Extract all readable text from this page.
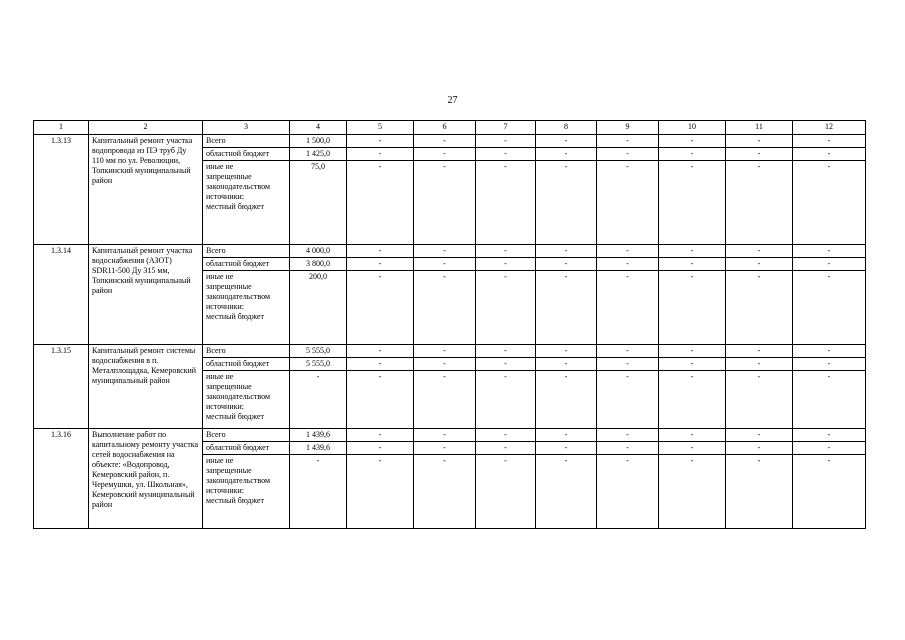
27
1	2	3	4	5	6	7	8	9	10	11	12
1.3.13	Капитальный ремонт участка водопровода из ПЭ труб Ду 110 мм по ул. Революции, Топкинский муниципальный район	Всего	1 500,0	-	-	-	-	-	-	-	-
		областной бюджет	1 425,0	-	-	-	-	-	-	-	-
		иные не
запрещенные
законодательством
источники:
местный бюджет	75,0	-	-	-	-	-	-	-	-
1.3.14	Капитальный ремонт участка водоснабжения (АЗОТ) SDR11-500 Ду 315 мм, Топкинский муниципальный район	Всего	4 000,0	-	-	-	-	-	-	-	-
		областной бюджет	3 800,0	-	-	-	-	-	-	-	-
		иные не
запрещенные
законодательством
источники:
местный бюджет	200,0	-	-	-	-	-	-	-	-
1.3.15	Капитальный ремонт системы водоснабжения в п. Металплощадка, Кемеровский муниципальный район	Всего	5 555,0	-	-	-	-	-	-	-	-
		областной бюджет	5 555,0	-	-	-	-	-	-	-	-
		иные не
запрещенные
законодательством
источники:
местный бюджет	-	-	-	-	-	-	-	-	-
1.3.16	Выполнение работ по капитальному ремонту участка сетей водоснабжения на объекте: «Водопровод, Кемеровский район, п. Черемушки, ул. Школьная», Кемеровский муниципальный район	Всего	1 439,6	-	-	-	-	-	-	-	-
		областной бюджет	1 439,6	-	-	-	-	-	-	-	-
		иные не
запрещенные
законодательством
источники:
местный бюджет	-	-	-	-	-	-	-	-	-
